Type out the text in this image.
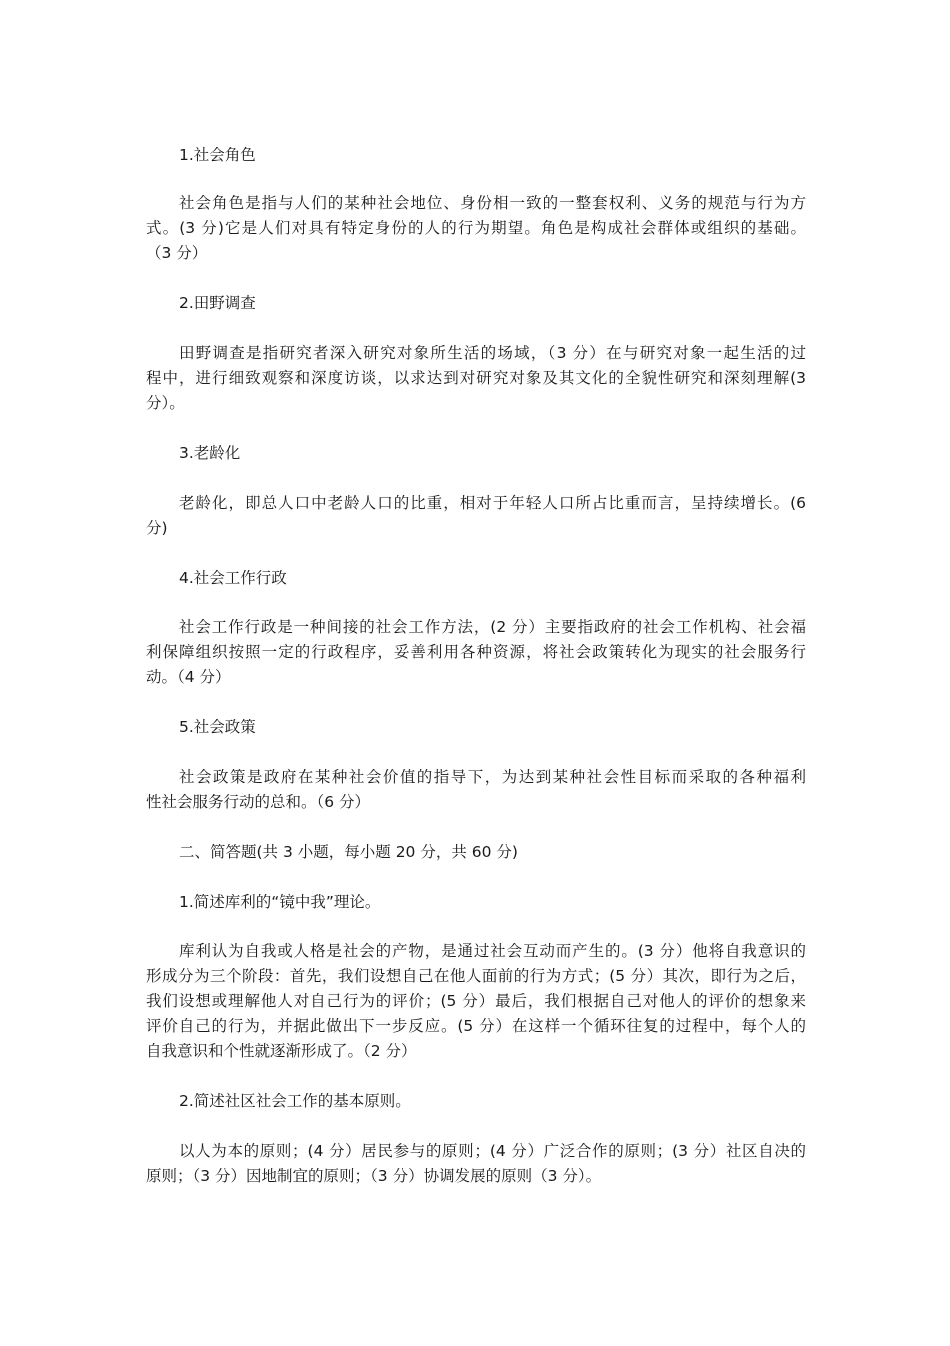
1.社会角色
社会角色是指与人们的某种社会地位、身份相一致的一整套权利、义务的规范与行为方
式。(3 分)它是人们对具有特定身份的人的行为期望。角色是构成社会群体或组织的基础。
（3 分）
2.田野调查
田野调查是指研究者深入研究对象所生活的场域，（3 分）在与研究对象一起生活的过
程中，进行细致观察和深度访谈，以求达到对研究对象及其文化的全貌性研究和深刻理解(3
分）。
3.老龄化
老龄化，即总人口中老龄人口的比重，相对于年轻人口所占比重而言，呈持续增长。(6
分)
4.社会工作行政
社会工作行政是一种间接的社会工作方法，(2 分）主要指政府的社会工作机构、社会福
利保障组织按照一定的行政程序，妥善利用各种资源，将社会政策转化为现实的社会服务行
动。（4 分）
5.社会政策
社会政策是政府在某种社会价值的指导下，为达到某种社会性目标而采取的各种福利
性社会服务行动的总和。（6 分）
二、简答题(共 3 小题，每小题 20 分，共 60 分)
1.简述库利的“镜中我”理论。
库利认为自我或人格是社会的产物，是通过社会互动而产生的。(3 分）他将自我意识的
形成分为三个阶段：首先，我们设想自己在他人面前的行为方式；(5 分）其次，即行为之后，
我们设想或理解他人对自己行为的评价；(5 分）最后，我们根据自己对他人的评价的想象来
评价自己的行为，并据此做出下一步反应。(5 分）在这样一个循环往复的过程中，每个人的
自我意识和个性就逐渐形成了。（2 分）
2.简述社区社会工作的基本原则。
以人为本的原则；(4 分）居民参与的原则；(4 分）广泛合作的原则；(3 分）社区自决的
原则；（3 分）因地制宜的原则；（3 分）协调发展的原则（3 分）。
